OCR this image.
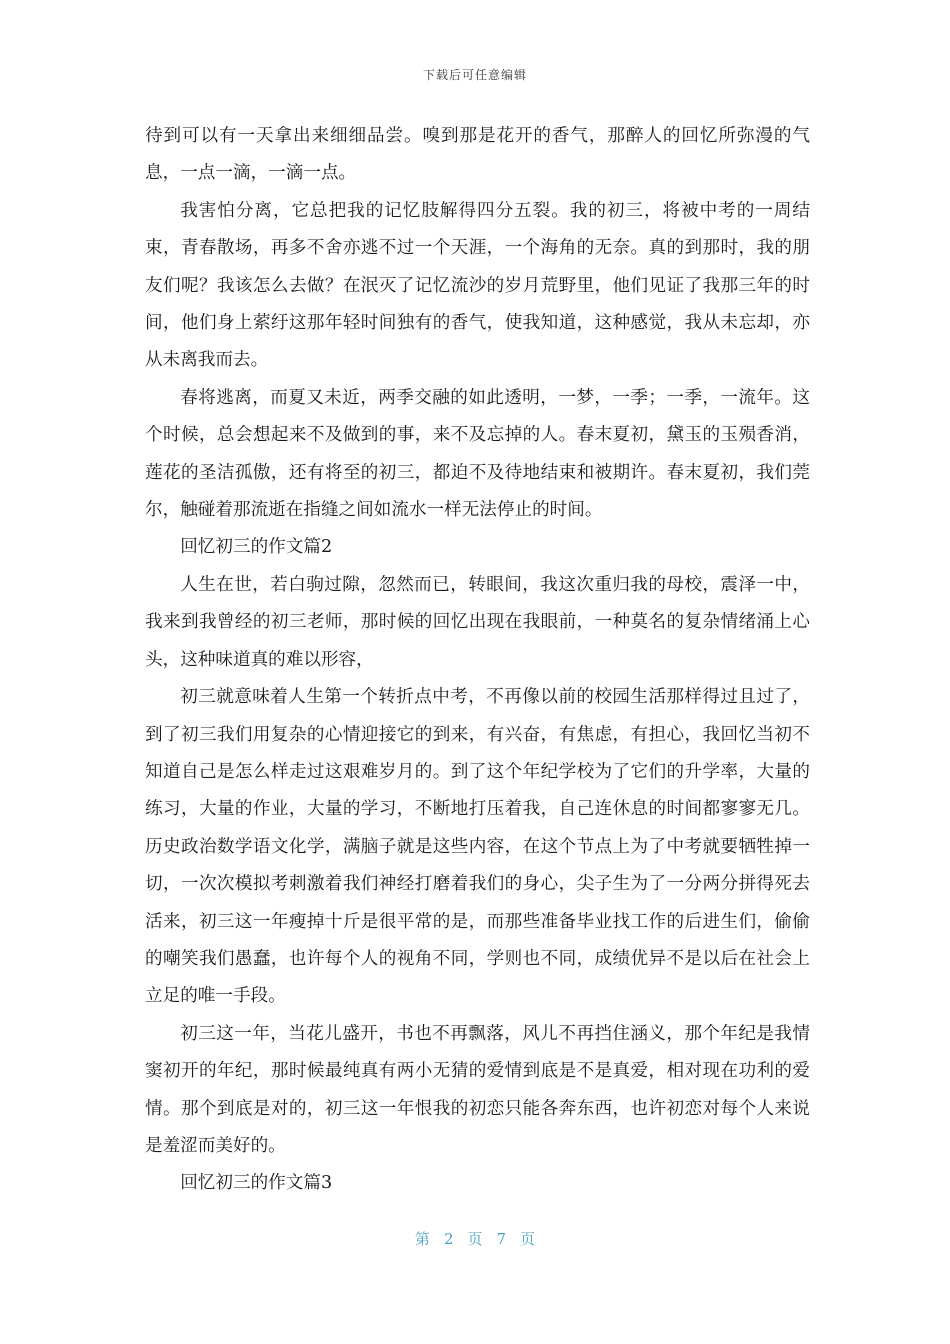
下载后可任意编辑

待到可以有一天拿出来细细品尝。嗅到那是花开的香气，那醉人的回忆所弥漫的气息，一点一滴，一滴一点。

我害怕分离，它总把我的记忆肢解得四分五裂。我的初三，将被中考的一周结束，青春散场，再多不舍亦逃不过一个天涯，一个海角的无奈。真的到那时，我的朋友们呢？我该怎么去做？在泯灭了记忆流沙的岁月荒野里，他们见证了我那三年的时间，他们身上萦纡这那年轻时间独有的香气，使我知道，这种感觉，我从未忘却，亦从未离我而去。

春将逃离，而夏又未近，两季交融的如此透明，一梦，一季；一季，一流年。这个时候，总会想起来不及做到的事，来不及忘掉的人。春末夏初，黛玉的玉殒香消，莲花的圣洁孤傲，还有将至的初三，都迫不及待地结束和被期许。春末夏初，我们莞尔，触碰着那流逝在指缝之间如流水一样无法停止的时间。

回忆初三的作文篇2

人生在世，若白驹过隙，忽然而已，转眼间，我这次重归我的母校，震泽一中，我来到我曾经的初三老师，那时候的回忆出现在我眼前，一种莫名的复杂情绪涌上心头，这种味道真的难以形容，

初三就意味着人生第一个转折点中考，不再像以前的校园生活那样得过且过了，到了初三我们用复杂的心情迎接它的到来，有兴奋，有焦虑，有担心，我回忆当初不知道自己是怎么样走过这艰难岁月的。到了这个年纪学校为了它们的升学率，大量的练习，大量的作业，大量的学习，不断地打压着我，自己连休息的时间都寥寥无几。历史政治数学语文化学，满脑子就是这些内容，在这个节点上为了中考就要牺牲掉一切，一次次模拟考刺激着我们神经打磨着我们的身心，尖子生为了一分两分拼得死去活来，初三这一年瘦掉十斤是很平常的是，而那些准备毕业找工作的后进生们，偷偷的嘲笑我们愚蠢，也许每个人的视角不同，学则也不同，成绩优异不是以后在社会上立足的唯一手段。

初三这一年，当花儿盛开，书也不再飘落，风儿不再挡住涵义，那个年纪是我情窦初开的年纪，那时候最纯真有两小无猜的爱情到底是不是真爱，相对现在功利的爱情。那个到底是对的，初三这一年恨我的初恋只能各奔东西，也许初恋对每个人来说是羞涩而美好的。

回忆初三的作文篇3

第 2 页 7 页
